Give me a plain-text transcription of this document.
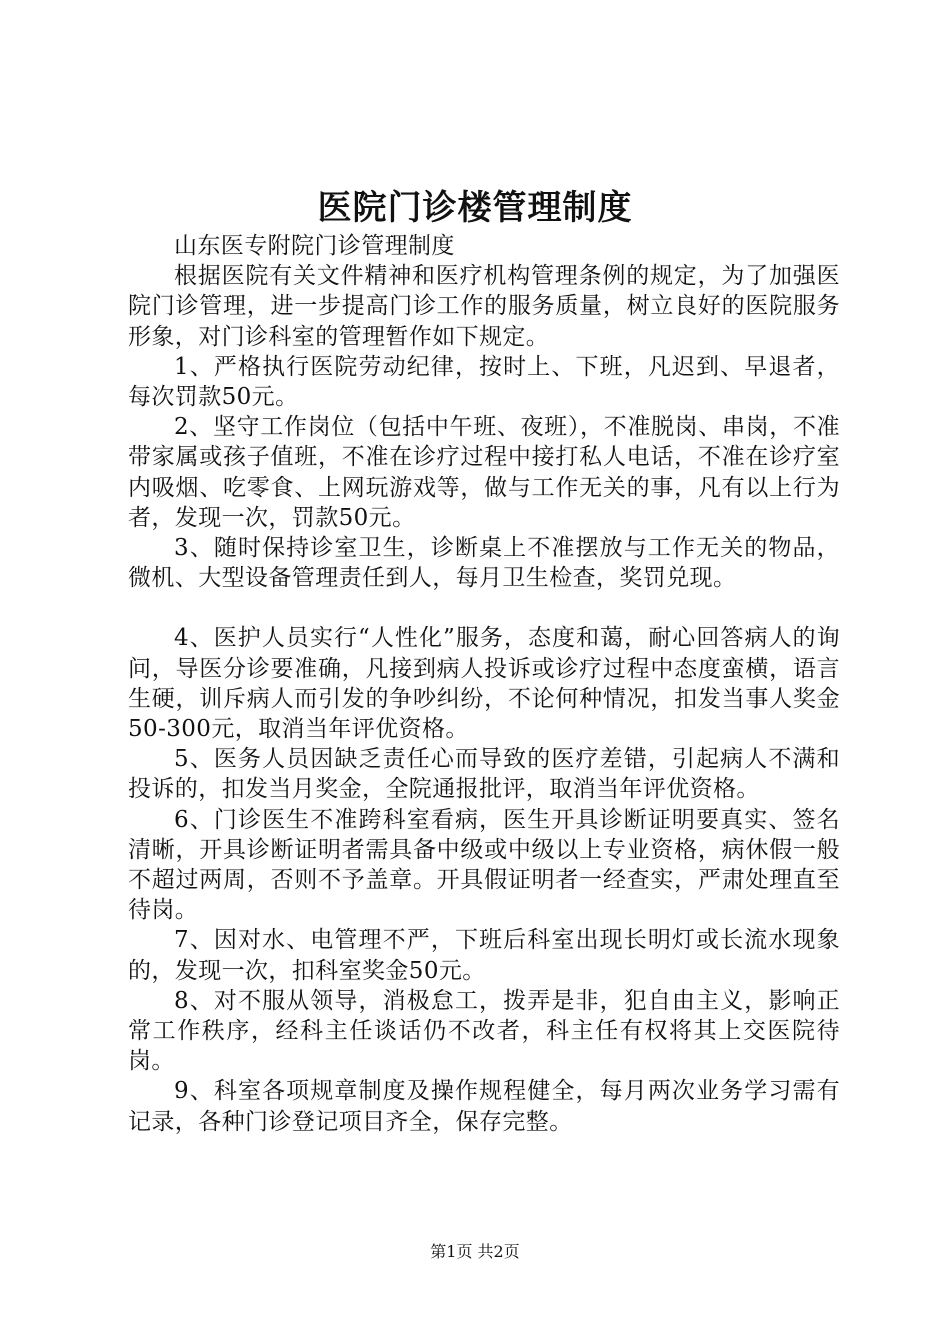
医院门诊楼管理制度

山东医专附院门诊管理制度

根据医院有关文件精神和医疗机构管理条例的规定，为了加强医院门诊管理，进一步提高门诊工作的服务质量，树立良好的医院服务形象，对门诊科室的管理暂作如下规定。

1、严格执行医院劳动纪律，按时上、下班，凡迟到、早退者，每次罚款50元。

2、坚守工作岗位（包括中午班、夜班），不准脱岗、串岗，不准带家属或孩子值班，不准在诊疗过程中接打私人电话，不准在诊疗室内吸烟、吃零食、上网玩游戏等，做与工作无关的事，凡有以上行为者，发现一次，罚款50元。

3、随时保持诊室卫生，诊断桌上不准摆放与工作无关的物品，微机、大型设备管理责任到人，每月卫生检查，奖罚兑现。

4、医护人员实行“人性化”服务，态度和蔼，耐心回答病人的询问，导医分诊要准确，凡接到病人投诉或诊疗过程中态度蛮横，语言生硬，训斥病人而引发的争吵纠纷，不论何种情况，扣发当事人奖金50-300元，取消当年评优资格。

5、医务人员因缺乏责任心而导致的医疗差错，引起病人不满和投诉的，扣发当月奖金，全院通报批评，取消当年评优资格。

6、门诊医生不准跨科室看病，医生开具诊断证明要真实、签名清晰，开具诊断证明者需具备中级或中级以上专业资格，病休假一般不超过两周，否则不予盖章。开具假证明者一经查实，严肃处理直至待岗。

7、因对水、电管理不严，下班后科室出现长明灯或长流水现象的，发现一次，扣科室奖金50元。

8、对不服从领导，消极怠工，拨弄是非，犯自由主义，影响正常工作秩序，经科主任谈话仍不改者，科主任有权将其上交医院待岗。

9、科室各项规章制度及操作规程健全，每月两次业务学习需有记录，各种门诊登记项目齐全，保存完整。

第1页 共2页
